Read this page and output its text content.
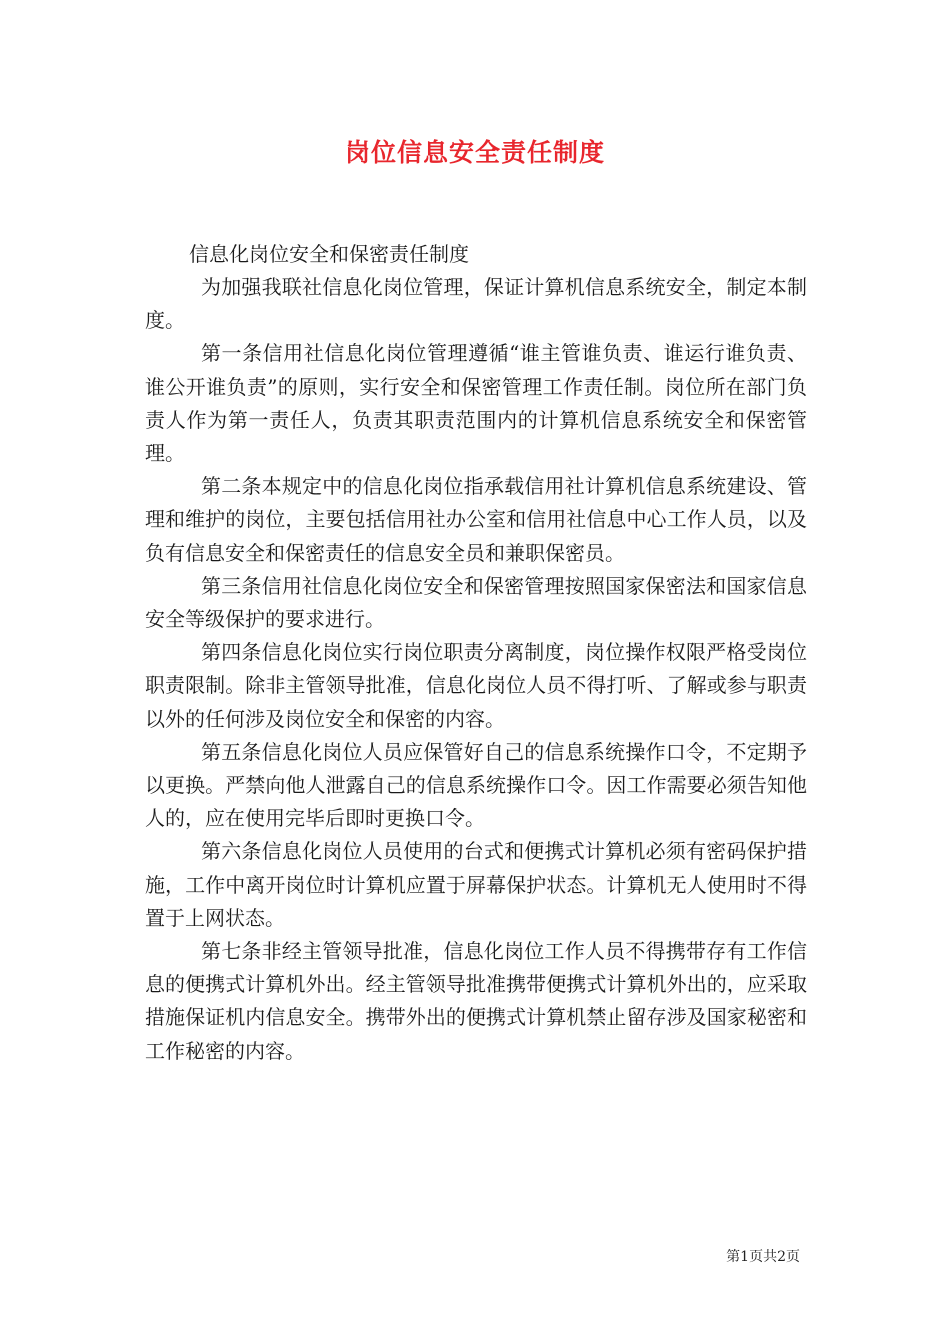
岗位信息安全责任制度

信息化岗位安全和保密责任制度

为加强我联社信息化岗位管理，保证计算机信息系统安全，制定本制度。

第一条信用社信息化岗位管理遵循“谁主管谁负责、谁运行谁负责、谁公开谁负责”的原则，实行安全和保密管理工作责任制。岗位所在部门负责人作为第一责任人，负责其职责范围内的计算机信息系统安全和保密管理。

第二条本规定中的信息化岗位指承载信用社计算机信息系统建设、管理和维护的岗位，主要包括信用社办公室和信用社信息中心工作人员，以及负有信息安全和保密责任的信息安全员和兼职保密员。

第三条信用社信息化岗位安全和保密管理按照国家保密法和国家信息安全等级保护的要求进行。

第四条信息化岗位实行岗位职责分离制度，岗位操作权限严格受岗位职责限制。除非主管领导批准，信息化岗位人员不得打听、了解或参与职责以外的任何涉及岗位安全和保密的内容。

第五条信息化岗位人员应保管好自己的信息系统操作口令，不定期予以更换。严禁向他人泄露自己的信息系统操作口令。因工作需要必须告知他人的，应在使用完毕后即时更换口令。

第六条信息化岗位人员使用的台式和便携式计算机必须有密码保护措施，工作中离开岗位时计算机应置于屏幕保护状态。计算机无人使用时不得置于上网状态。

第七条非经主管领导批准，信息化岗位工作人员不得携带存有工作信息的便携式计算机外出。经主管领导批准携带便携式计算机外出的，应采取措施保证机内信息安全。携带外出的便携式计算机禁止留存涉及国家秘密和工作秘密的内容。

第1页共2页
